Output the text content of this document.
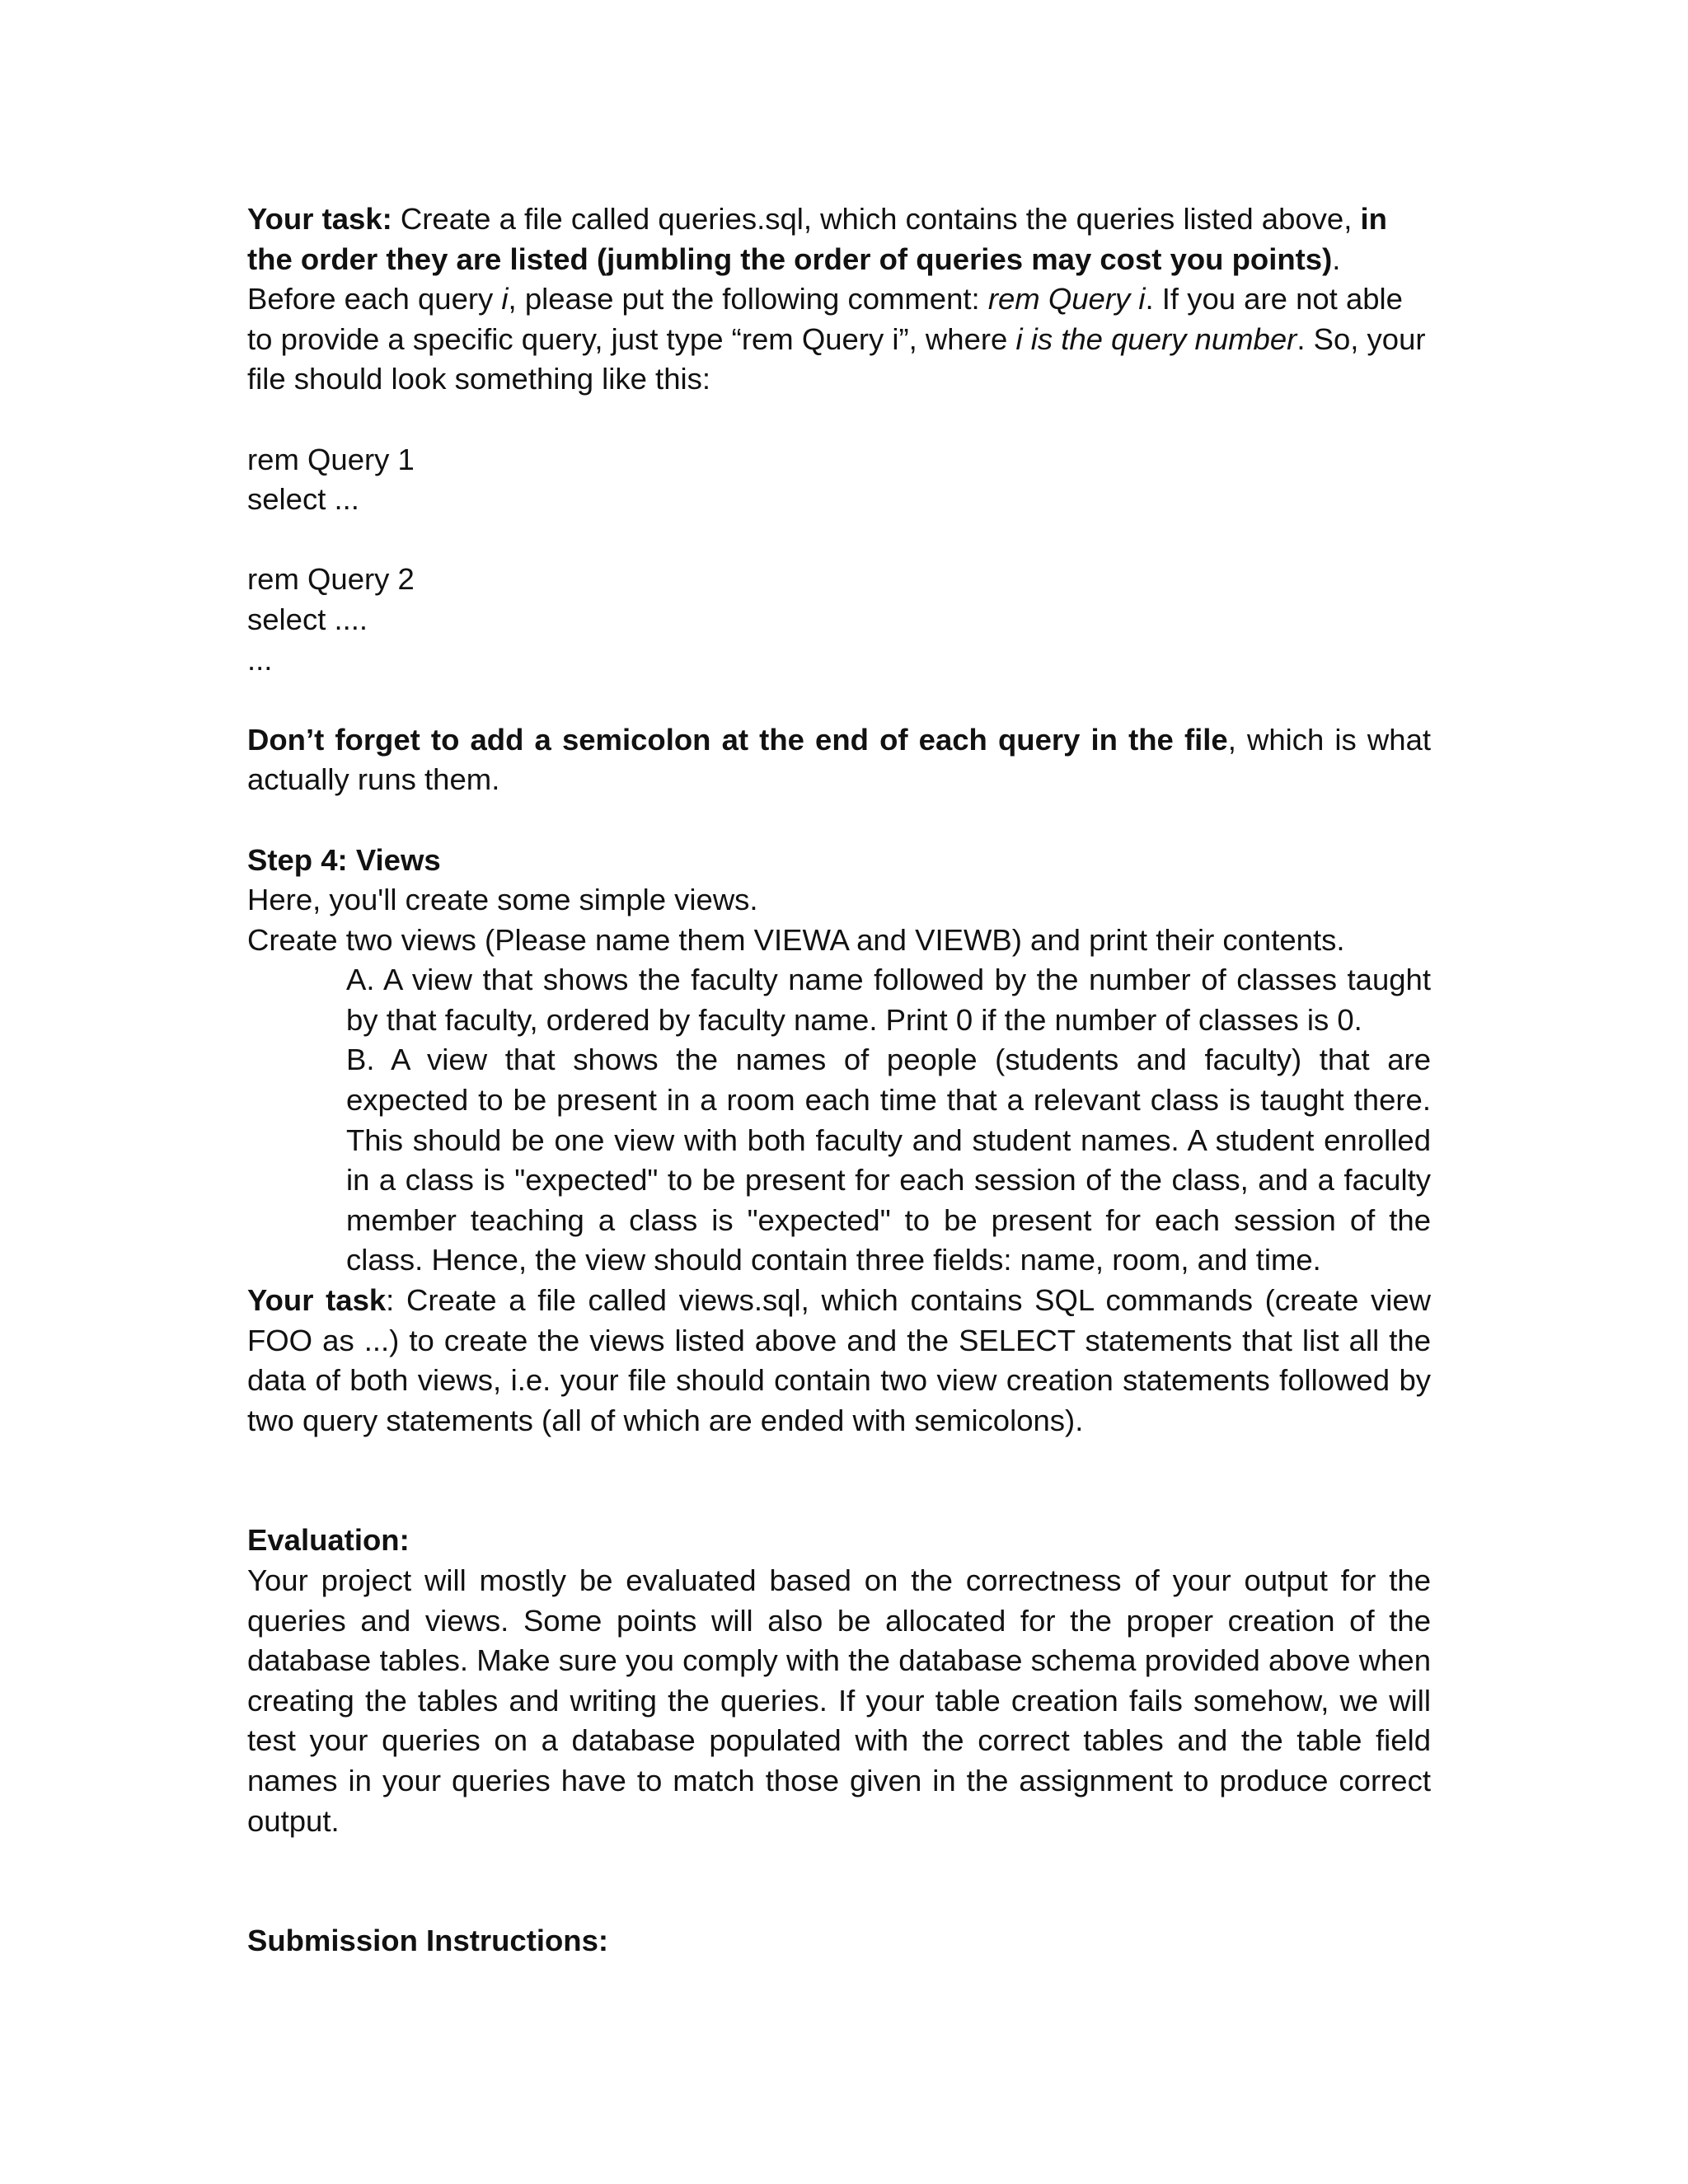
Your task: Create a file called queries.sql, which contains the queries listed above, in the order they are listed (jumbling the order of queries may cost you points). Before each query i, please put the following comment: rem Query i. If you are not able to provide a specific query, just type “rem Query i”, where i is the query number. So, your file should look something like this:

rem Query 1

select ...

rem Query 2

select ....

...

Don’t forget to add a semicolon at the end of each query in the file, which is what actually runs them.

Step 4: Views

Here, you'll create some simple views.

Create two views (Please name them VIEWA and VIEWB) and print their contents.

A. A view that shows the faculty name followed by the number of classes taught by that faculty, ordered by faculty name. Print 0 if the number of classes is 0.

B. A view that shows the names of people (students and faculty) that are expected to be present in a room each time that a relevant class is taught there. This should be one view with both faculty and student names. A student enrolled in a class is "expected" to be present for each session of the class, and a faculty member teaching a class is "expected" to be present for each session of the class. Hence, the view should contain three fields: name, room, and time.

Your task: Create a file called views.sql, which contains SQL commands (create view FOO as ...) to create the views listed above and the SELECT statements that list all the data of both views, i.e. your file should contain two view creation statements followed by two query statements (all of which are ended with semicolons).

Evaluation:

Your project will mostly be evaluated based on the correctness of your output for the queries and views. Some points will also be allocated for the proper creation of the database tables. Make sure you comply with the database schema provided above when creating the tables and writing the queries. If your table creation fails somehow, we will test your queries on a database populated with the correct tables and the table field names in your queries have to match those given in the assignment to produce correct output.

Submission Instructions:
